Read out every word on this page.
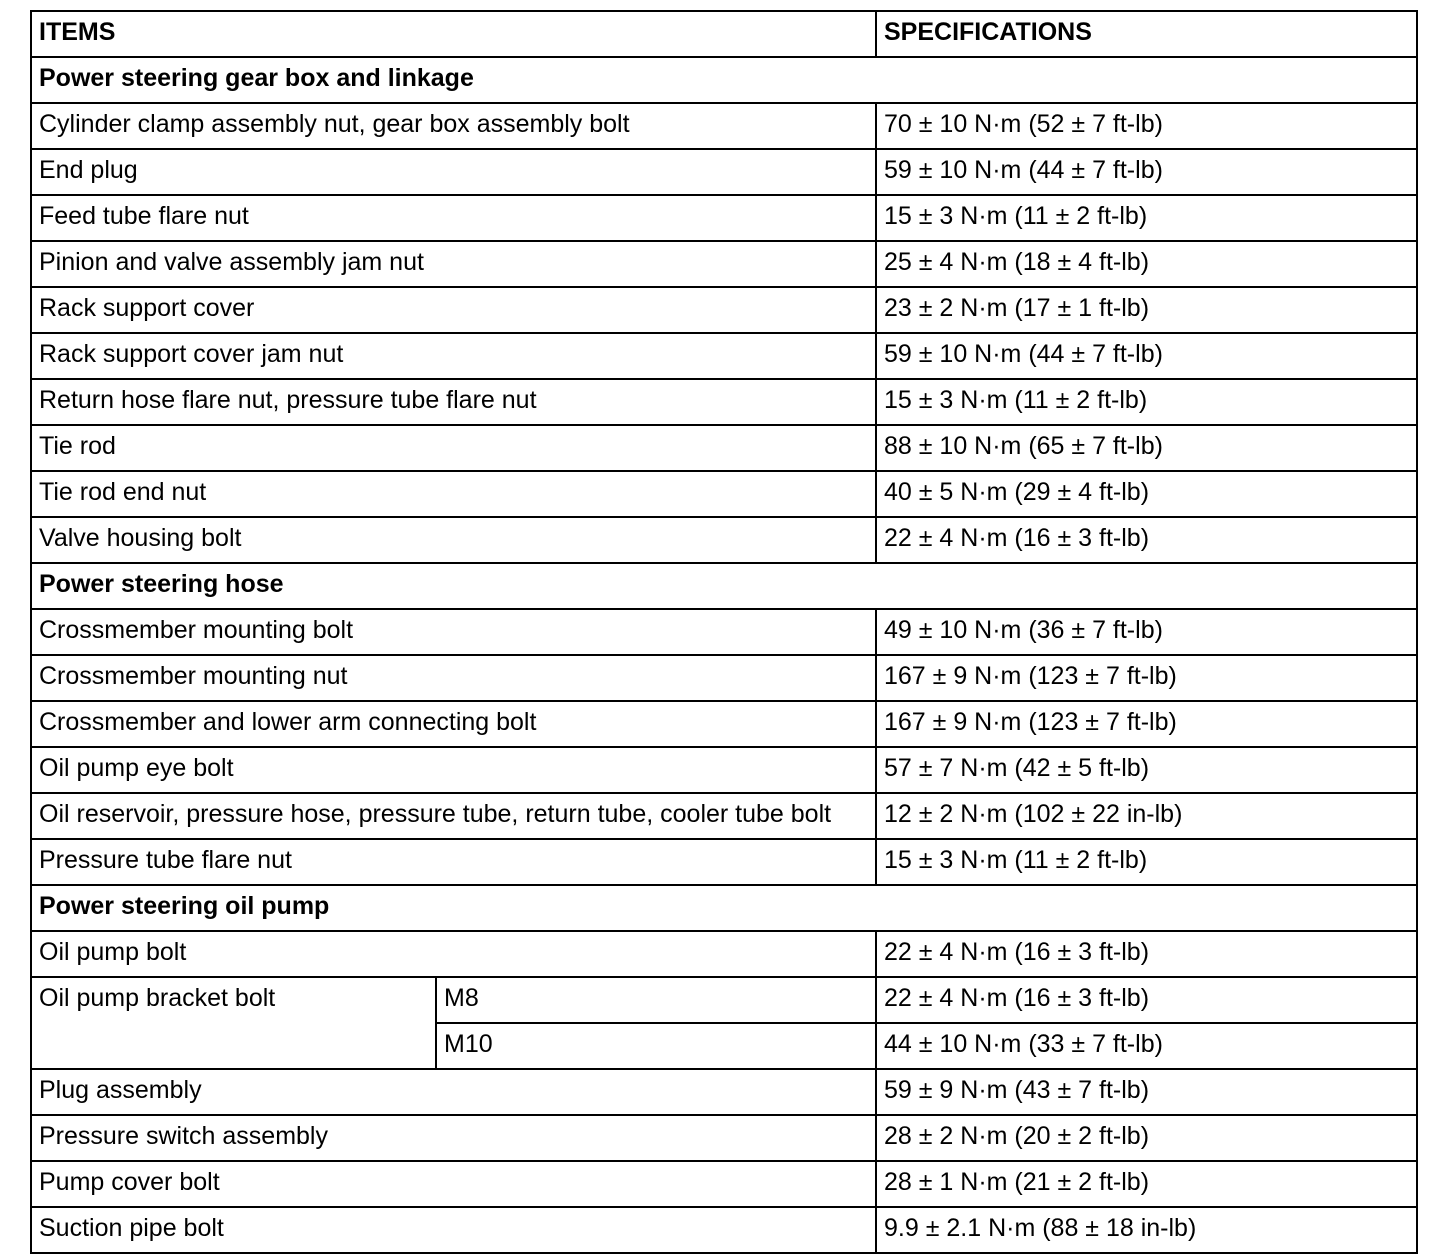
ITEMS		SPECIFICATIONS
Power steering gear box and linkage		
Cylinder clamp assembly nut, gear box assembly bolt		70 ± 10 N·m (52 ± 7 ft-lb)
End plug		59 ± 10 N·m (44 ± 7 ft-lb)
Feed tube flare nut		15 ± 3 N·m (11 ± 2 ft-lb)
Pinion and valve assembly jam nut		25 ± 4 N·m (18 ± 4 ft-lb)
Rack support cover		23 ± 2 N·m (17 ± 1 ft-lb)
Rack support cover jam nut		59 ± 10 N·m (44 ± 7 ft-lb)
Return hose flare nut, pressure tube flare nut		15 ± 3 N·m (11 ± 2 ft-lb)
Tie rod		88 ± 10 N·m (65 ± 7 ft-lb)
Tie rod end nut		40 ± 5 N·m (29 ± 4 ft-lb)
Valve housing bolt		22 ± 4 N·m (16 ± 3 ft-lb)
Power steering hose		
Crossmember mounting bolt		49 ± 10 N·m (36 ± 7 ft-lb)
Crossmember mounting nut		167 ± 9 N·m (123 ± 7 ft-lb)
Crossmember and lower arm connecting bolt		167 ± 9 N·m (123 ± 7 ft-lb)
Oil pump eye bolt		57 ± 7 N·m (42 ± 5 ft-lb)
Oil reservoir, pressure hose, pressure tube, return tube, cooler tube bolt		12 ± 2 N·m (102 ± 22 in-lb)
Pressure tube flare nut		15 ± 3 N·m (11 ± 2 ft-lb)
Power steering oil pump		
Oil pump bolt		22 ± 4 N·m (16 ± 3 ft-lb)
Oil pump bracket bolt	M8	22 ± 4 N·m (16 ± 3 ft-lb)
	M10	44 ± 10 N·m (33 ± 7 ft-lb)
Plug assembly		59 ± 9 N·m (43 ± 7 ft-lb)
Pressure switch assembly		28 ± 2 N·m (20 ± 2 ft-lb)
Pump cover bolt		28 ± 1 N·m (21 ± 2 ft-lb)
Suction pipe bolt		9.9 ± 2.1 N·m (88 ± 18 in-lb)
